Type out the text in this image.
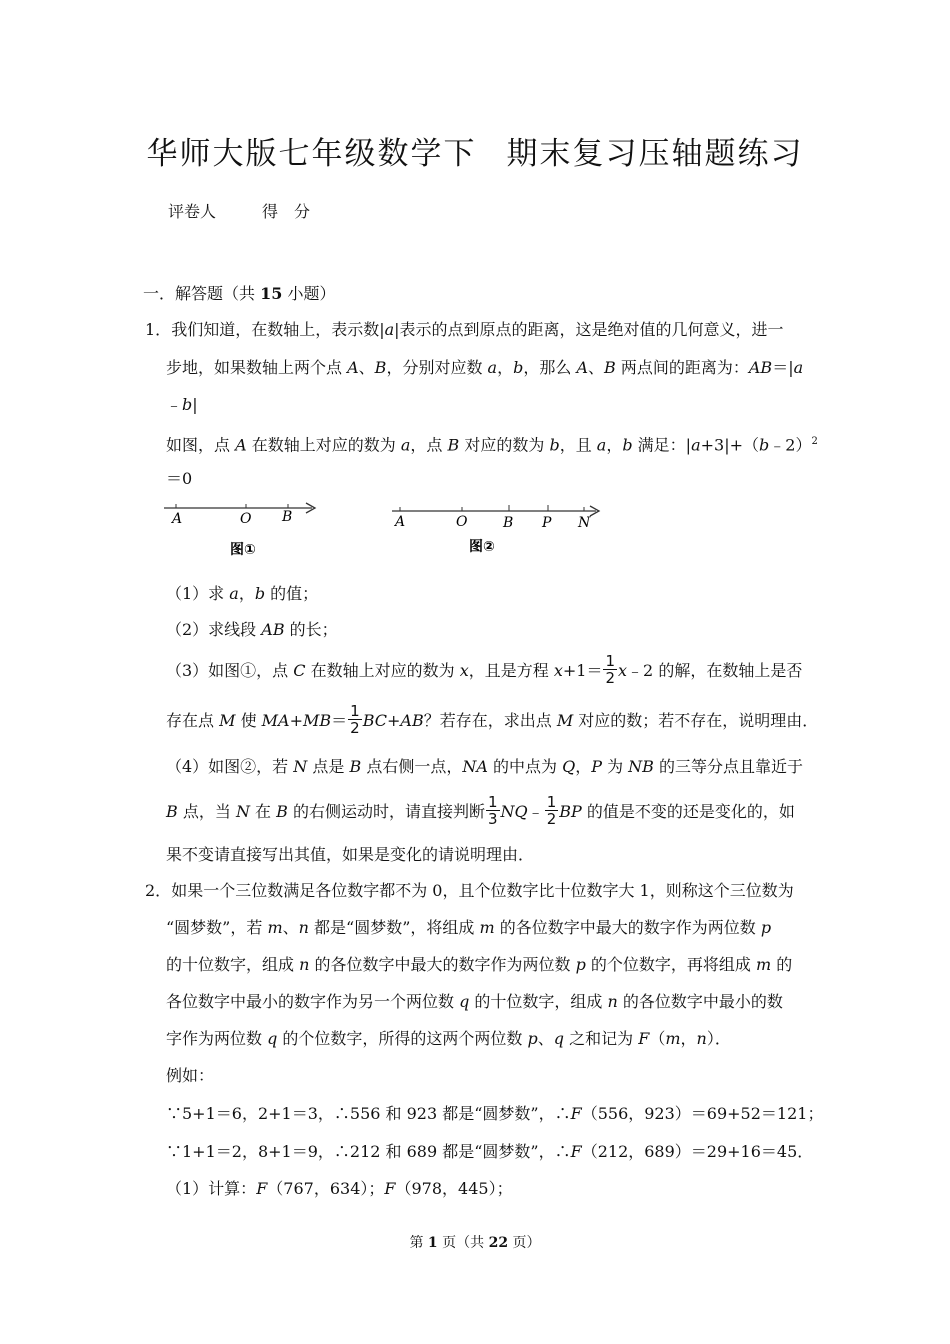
华师大版七年级数学下 期末复习压轴题练习
评卷人	得　分
一．解答题（共 15 小题）
1．我们知道，在数轴上，表示数|a|表示的点到原点的距离，这是绝对值的几何意义，进一
步地，如果数轴上两个点 A、B，分别对应数 a，b，那么 A、B 两点间的距离为：AB＝|a
﹣b|
如图，点 A 在数轴上对应的数为 a，点 B 对应的数为 b，且 a，b 满足：|a+3|+（b﹣2）$^2$
＝0
A	O B
图①
A	O	B P N
图②
（1）求 a，b 的值；
（2）求线段 AB 的长；
（3）如图①，点 C 在数轴上对应的数为 x，且是方程 $x+1= \frac{1}{2}$ x﹣2 的解，在数轴上是否
存在点 M 使 $MA+MB= \frac{1}{2} BC+AB$？若存在，求出点 M 对应的数；若不存在，说明理由．
（4）如图②，若 N 点是 B 点右侧一点，NA 的中点为 Q，P 为 NB 的三等分点且靠近于
B 点，当 N 在 B 的右侧运动时，请直接判断 $\frac{1}{3}$ NQ﹣ $\frac{1}{2}$ BP 的值是不变的还是变化的，如
果不变请直接写出其值，如果是变化的请说明理由．
2．如果一个三位数满足各位数字都不为 0，且个位数字比十位数字大 1，则称这个三位数为
“圆梦数”，若 m、n 都是“圆梦数”，将组成 m 的各位数字中最大的数字作为两位数 p
的十位数字，组成 n 的各位数字中最大的数字作为两位数 p 的个位数字，再将组成 m 的
各位数字中最小的数字作为另一个两位数 q 的十位数字，组成 n 的各位数字中最小的数
字作为两位数 q 的个位数字，所得的这两个两位数 p、q 之和记为 F（m，n）．
例如：
∵5+1＝6，2+1＝3，∴556 和 923 都是“圆梦数”，∴F（556，923）＝69+52＝121；
∵1+1＝2，8+1＝9，∴212 和 689 都是“圆梦数”，∴F（212，689）＝29+16＝45．
（1）计算：F（767，634）；F（978，445）；
第 1 页（共 22 页）
